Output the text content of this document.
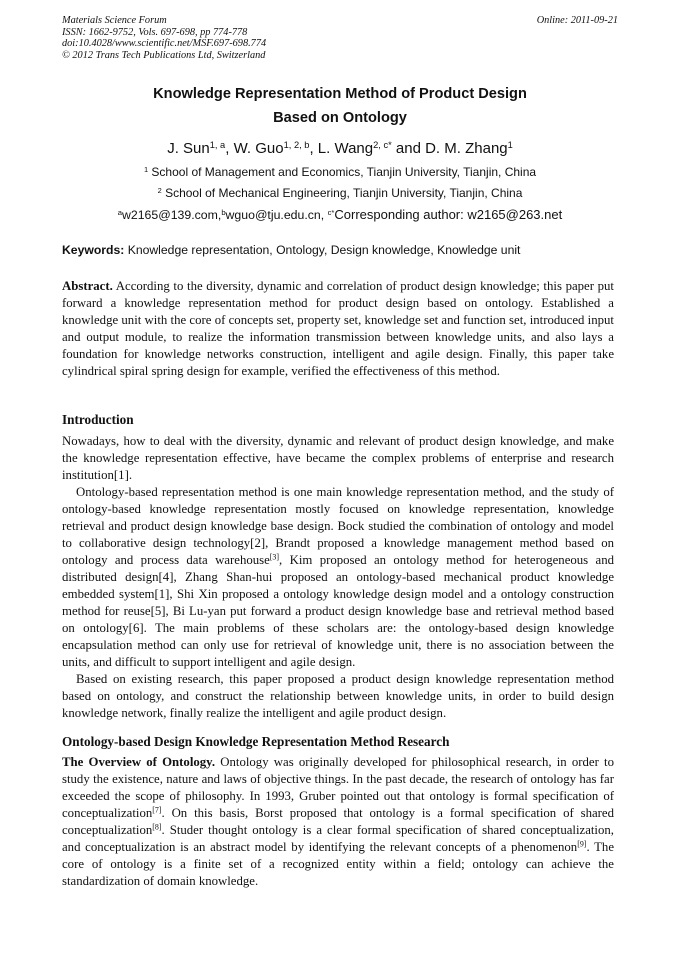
Materials Science Forum
ISSN: 1662-9752, Vols. 697-698, pp 774-778
doi:10.4028/www.scientific.net/MSF.697-698.774
© 2012 Trans Tech Publications Ltd, Switzerland
Online: 2011-09-21
Knowledge Representation Method of Product Design
Based on Ontology
J. Sun$^{1, a}$, W. Guo$^{1, 2, b}$, L. Wang$^{2, c*}$ and D. M. Zhang$^1$
$^1$ School of Management and Economics, Tianjin University, Tianjin, China
$^2$ School of Mechanical Engineering, Tianjin University, Tianjin, China
$^a$w2165@139.com,$^b$wguo@tju.edu.cn, $^{c*}$Corresponding author: w2165@263.net
Keywords: Knowledge representation, Ontology, Design knowledge, Knowledge unit

Abstract. According to the diversity, dynamic and correlation of product design knowledge; this paper put forward a knowledge representation method for product design based on ontology. Established a knowledge unit with the core of concepts set, property set, knowledge set and function set, introduced input and output module, to realize the information transmission between knowledge units, and also lays a foundation for knowledge networks construction, intelligent and agile design. Finally, this paper take cylindrical spiral spring design for example, verified the effectiveness of this method.

Introduction

Nowadays, how to deal with the diversity, dynamic and relevant of product design knowledge, and make the knowledge representation effective, have became the complex problems of enterprise and research institution[1].

Ontology-based representation method is one main knowledge representation method, and the study of ontology-based knowledge representation mostly focused on knowledge representation, knowledge retrieval and product design knowledge base design. Bock studied the combination of ontology and model to collaborative design technology[2], Brandt proposed a knowledge management method based on ontology and process data warehouse[3], Kim proposed an ontology method for heterogeneous and distributed design[4], Zhang Shan-hui proposed an ontology-based mechanical product knowledge embedded system[1], Shi Xin proposed a ontology knowledge design model and a ontology construction method for reuse[5], Bi Lu-yan put forward a product design knowledge base and retrieval method based on ontology[6]. The main problems of these scholars are: the ontology-based design knowledge encapsulation method can only use for retrieval of knowledge unit, there is no association between the units, and difficult to support intelligent and agile design.

Based on existing research, this paper proposed a product design knowledge representation method based on ontology, and construct the relationship between knowledge units, in order to build design knowledge network, finally realize the intelligent and agile product design.

Ontology-based Design Knowledge Representation Method Research

The Overview of Ontology. Ontology was originally developed for philosophical research, in order to study the existence, nature and laws of objective things. In the past decade, the research of ontology has far exceeded the scope of philosophy. In 1993, Gruber pointed out that ontology is formal specification of conceptualization[7]. On this basis, Borst proposed that ontology is a formal specification of shared conceptualization[8]. Studer thought ontology is a clear formal specification of shared conceptualization, and conceptualization is an abstract model by identifying the relevant concepts of a phenomenon[9]. The core of ontology is a finite set of a recognized entity within a field; ontology can achieve the standardization of domain knowledge.
